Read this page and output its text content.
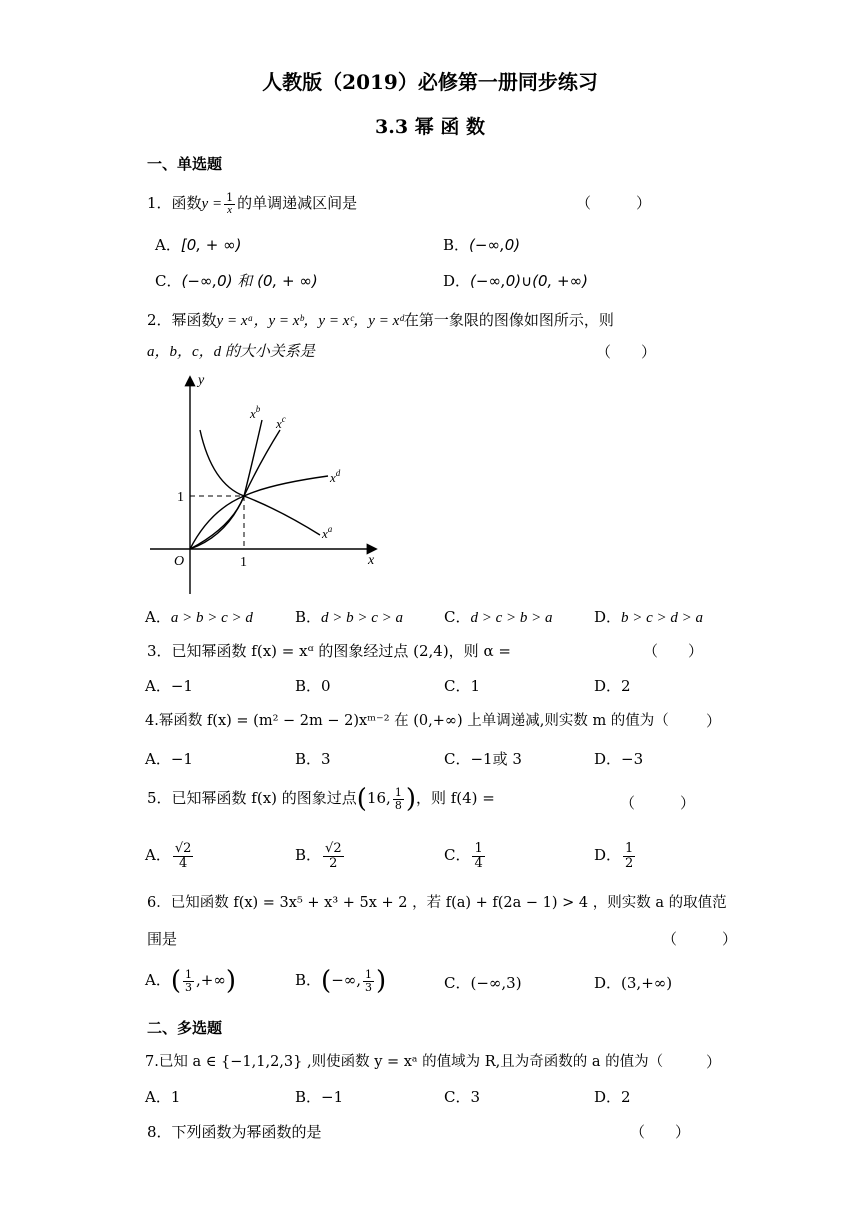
人教版（2019）必修第一册同步练习
3.3 幂 函 数
一、单选题
1．函数$y = \frac{1}{x}$ 的单调递减区间是	（　　　）
A．[0, + ∞)	B．(−∞,0)
C．(−∞,0) 和 (0, + ∞)	D．(−∞,0)∪(0, +∞)
2．幂函数y = xᵃ，y = xᵇ，y = xᶜ，y = xᵈ在第一象限的图像如图所示，则
a，b，c，d 的大小关系是	（　　）
y
x
O	1
1
$x^b$
$x^c$
$x^d$
$x^a$
A．a > b > c > d	B．d > b > c > a	C．d > c > b > a	D．b > c > d > a
3．已知幂函数 f(x) = xᵅ 的图象经过点 (2,4)，则 α =	（　　）
A．−1	B．0	C．1	D．2
4.幂函数 f(x) = (m² − 2m − 2)xᵐ⁻² 在 (0,+∞) 上单调递减,则实数 m 的值为（ ）
A．−1	B．3	C．−1或 3	D．−3
5．已知幂函数 f(x) 的图象过点(16, $\frac{1}{8}$ )，则 f(4) =	（　　　）
A． $\frac{√2}{4}$	B． $\frac{√2}{2}$	C． $\frac{1}{4}$	D． $\frac{1}{2}$
6．已知函数 f(x) = 3x⁵ + x³ + 5x + 2 ，若 f(a) + f(2a − 1) > 4 ，则实数 a 的取值范
围是	（　　　）
A．( $\frac{1}{3}$ ,+∞)	B．(−∞, $\frac{1}{3}$ )	C．(−∞,3)	D．(3,+∞)
二、多选题
7.已知 a ∈ {−1,1,2,3} ,则使函数 y = xᵃ 的值域为 R,且为奇函数的 a 的值为（	）
A．1	B．−1	C．3	D．2
8．下列函数为幂函数的是	（　　）
